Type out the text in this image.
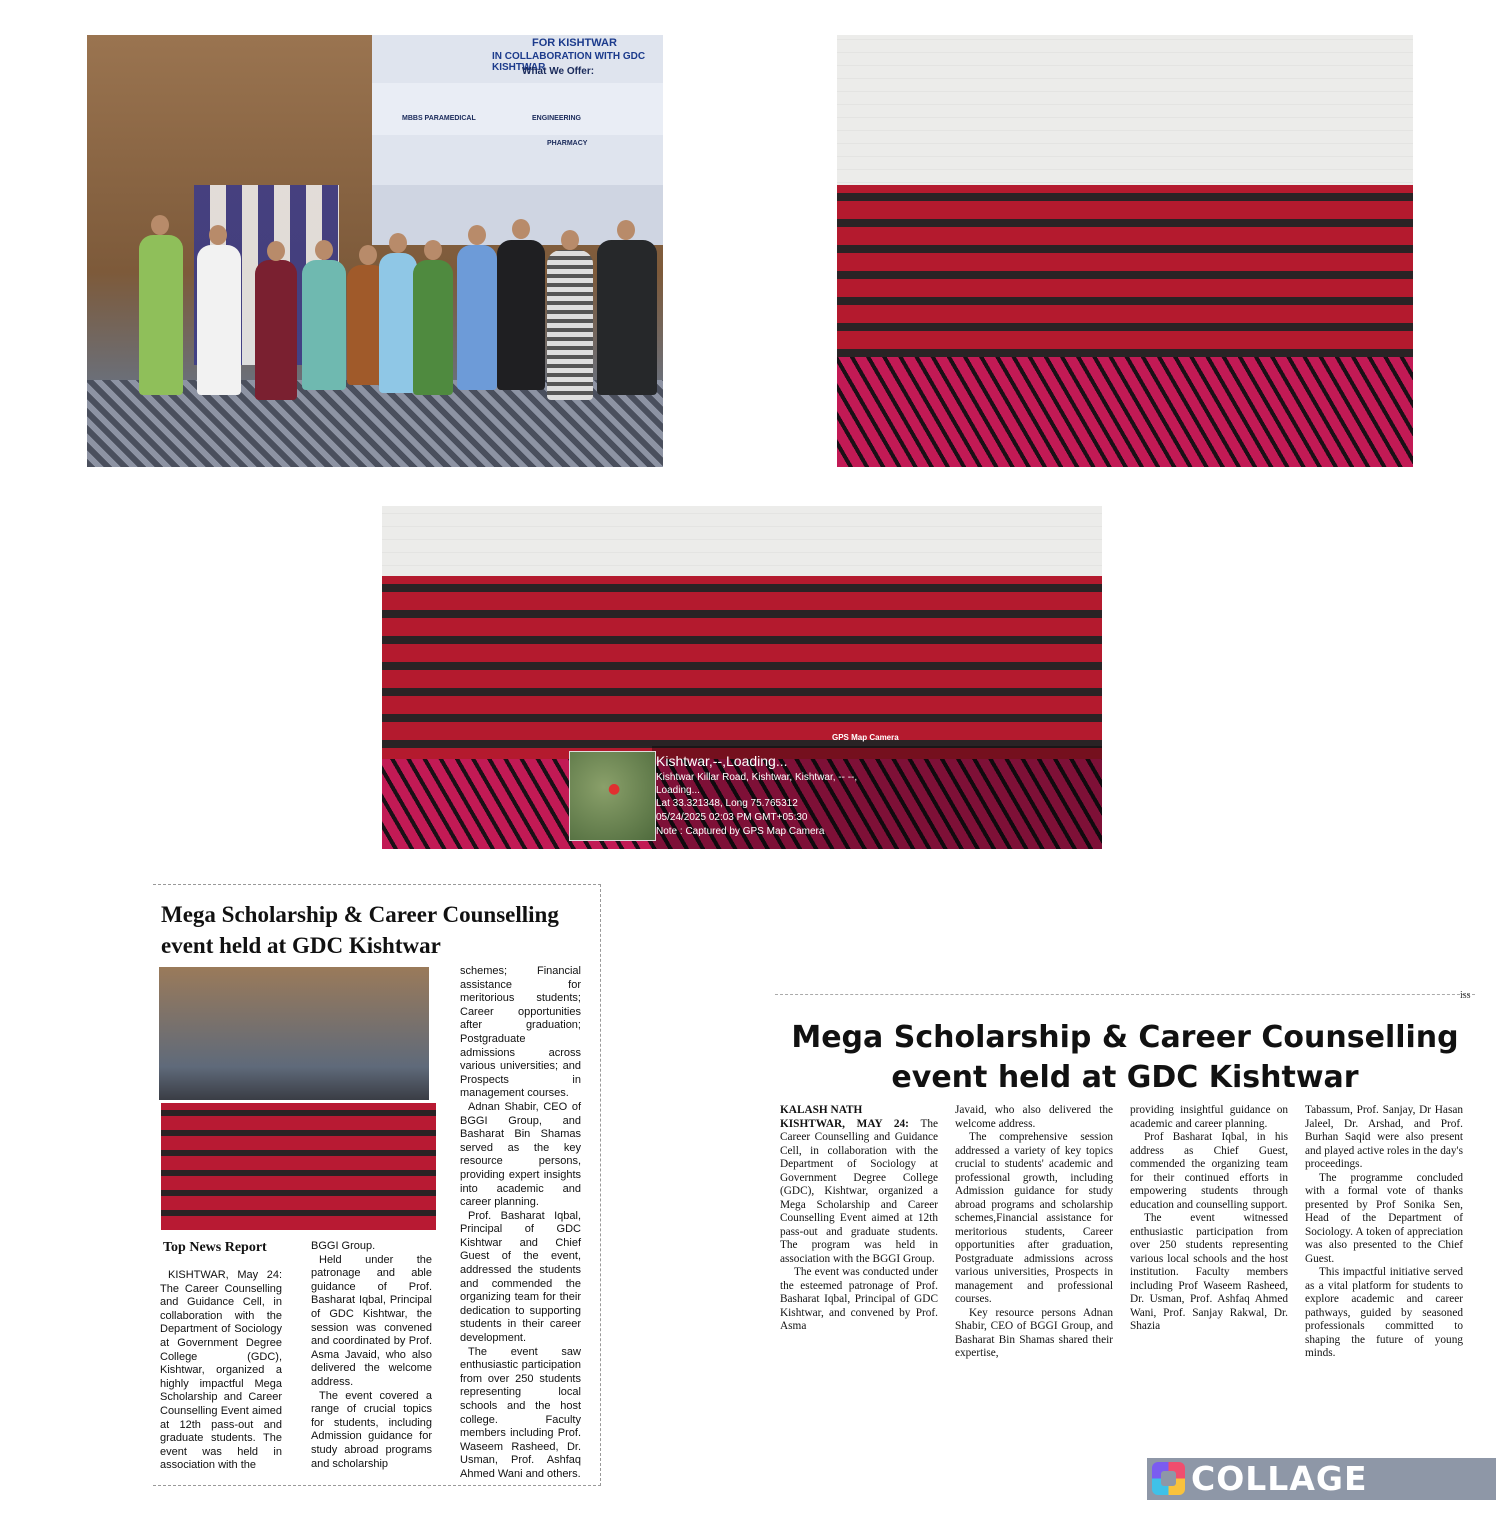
FOR KISHTWAR
IN COLLABORATION WITH GDC KISHTWAR
What We Offer:
MBBS PARAMEDICAL	ENGINEERING
PHARMACY
●
GPS Map Camera
Kishtwar,--,Loading...
Kishtwar Killar Road, Kishtwar, Kishtwar, -- --,
Loading...
Lat 33.321348, Long 75.765312
05/24/2025 02:03 PM GMT+05:30
Note : Captured by GPS Map Camera
Mega Scholarship & Career Counselling event held at GDC Kishtwar
Top News Report

KISHTWAR, May 24: The Career Counselling and Guidance Cell, in collaboration with the Department of Sociology at Government Degree College (GDC), Kishtwar, organized a highly impactful Mega Scholarship and Career Counselling Event aimed at 12th pass-out and graduate students. The event was held in association with the

BGGI Group.

Held under the patronage and able guidance of Prof. Basharat Iqbal, Principal of GDC Kishtwar, the session was convened and coordinated by Prof. Asma Javaid, who also delivered the welcome address.

The event covered a range of crucial topics for students, including Admission guidance for study abroad programs and scholarship

schemes; Financial assistance for meritorious students; Career opportunities after graduation; Postgraduate admissions across various universities; and Prospects in management courses.

Adnan Shabir, CEO of BGGI Group, and Basharat Bin Shamas served as the key resource persons, providing expert insights into academic and career planning.

Prof. Basharat Iqbal, Principal of GDC Kishtwar and Chief Guest of the event, addressed the students and commended the organizing team for their dedication to supporting students in their career development.

The event saw enthusiastic participation from over 250 students representing local schools and the host college. Faculty members including Prof. Waseem Rasheed, Dr. Usman, Prof. Ashfaq Ahmed Wani and others.

iss
Mega Scholarship & Career Counselling
event held at GDC Kishtwar

KALASH NATH

KISHTWAR, MAY 24: The Career Counselling and Guidance Cell, in collaboration with the Department of Sociology at Government Degree College (GDC), Kishtwar, organized a Mega Scholarship and Career Counselling Event aimed at 12th pass-out and graduate students. The program was held in association with the BGGI Group.

The event was conducted under the esteemed patronage of Prof. Basharat Iqbal, Principal of GDC Kishtwar, and convened by Prof. Asma

Javaid, who also delivered the welcome address.

The comprehensive session addressed a variety of key topics crucial to students' academic and professional growth, including Admission guidance for study abroad programs and scholarship schemes,Financial assistance for meritorious students, Career opportunities after graduation, Postgraduate admissions across various universities, Prospects in management and professional courses.

Key resource persons Adnan Shabir, CEO of BGGI Group, and Basharat Bin Shamas shared their expertise,

providing insightful guidance on academic and career planning.

Prof Basharat Iqbal, in his address as Chief Guest, commended the organizing team for their continued efforts in empowering students through education and counselling support.

The event witnessed enthusiastic participation from over 250 students representing various local schools and the host institution. Faculty members including Prof Waseem Rasheed, Dr. Usman, Prof. Ashfaq Ahmed Wani, Prof. Sanjay Rakwal, Dr. Shazia

Tabassum, Prof. Sanjay, Dr Hasan Jaleel, Dr. Arshad, and Prof. Burhan Saqid were also present and played active roles in the day's proceedings.

The programme concluded with a formal vote of thanks presented by Prof Sonika Sen, Head of the Department of Sociology. A token of appreciation was also presented to the Chief Guest.

This impactful initiative served as a vital platform for students to explore academic and career pathways, guided by seasoned professionals committed to shaping the future of young minds.

COLLAGE MAKER
